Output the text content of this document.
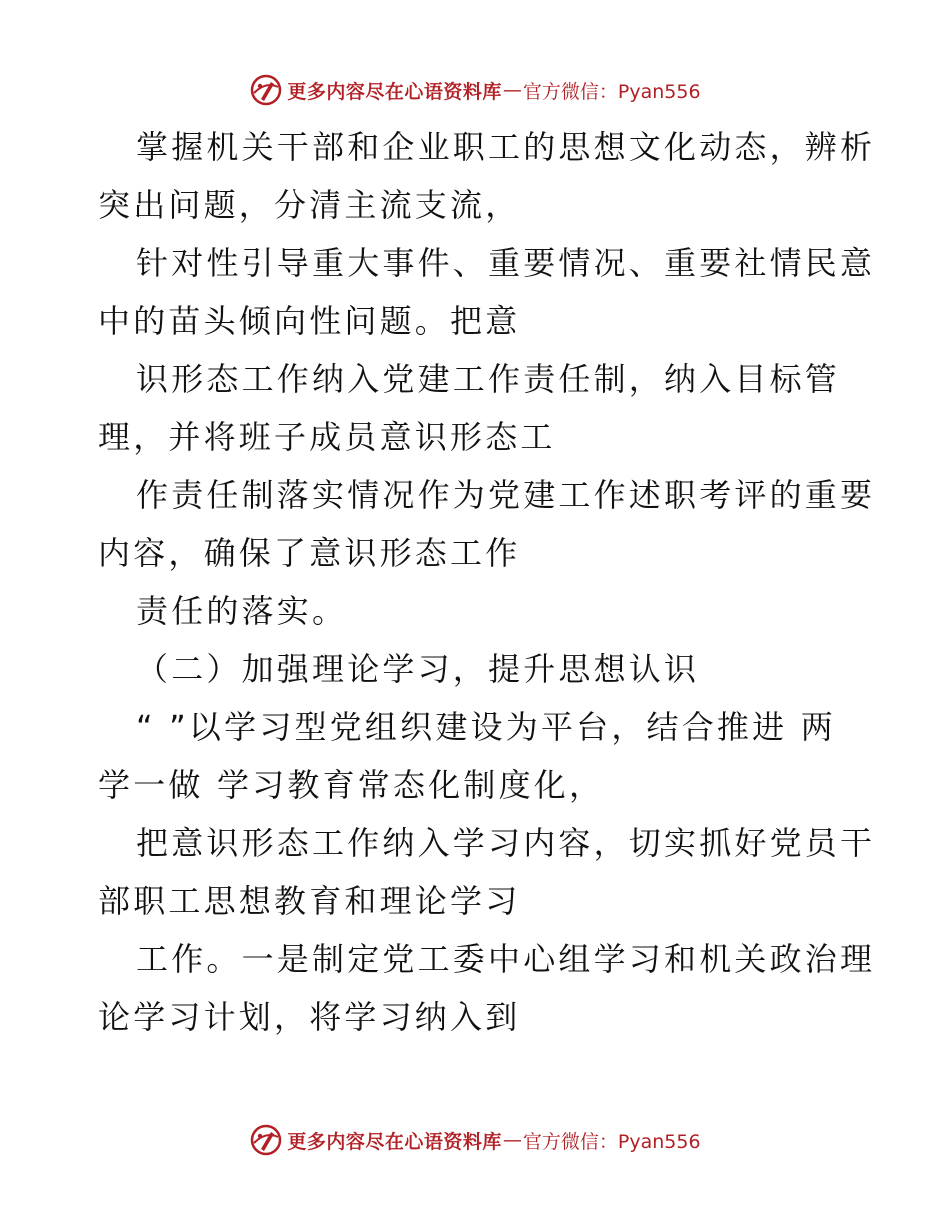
更多内容尽在心语资料库 — 官方微信：Pyan556
掌握机关干部和企业职工的思想文化动态，辨析
突出问题，分清主流支流，
针对性引导重大事件、重要情况、重要社情民意
中的苗头倾向性问题。把意
识形态工作纳入党建工作责任制，纳入目标管
理，并将班子成员意识形态工
作责任制落实情况作为党建工作述职考评的重要
内容，确保了意识形态工作
责任的落实。
（二）加强理论学习，提升思想认识
“ ”以学习型党组织建设为平台，结合推进 两
学一做 学习教育常态化制度化，
把意识形态工作纳入学习内容，切实抓好党员干
部职工思想教育和理论学习
工作。一是制定党工委中心组学习和机关政治理
论学习计划，将学习纳入到
更多内容尽在心语资料库 — 官方微信：Pyan556
